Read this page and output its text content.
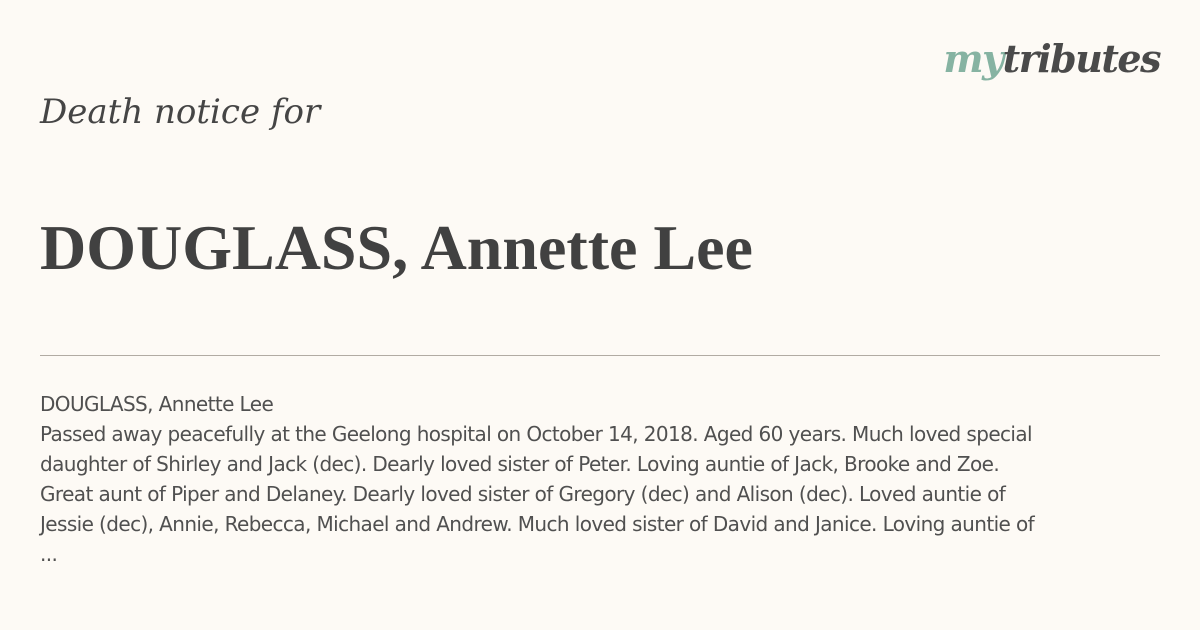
mytributes
Death notice for
DOUGLASS, Annette Lee
DOUGLASS, Annette Lee
Passed away peacefully at the Geelong hospital on October 14, 2018. Aged 60 years. Much loved special
daughter of Shirley and Jack (dec). Dearly loved sister of Peter. Loving auntie of Jack, Brooke and Zoe.
Great aunt of Piper and Delaney. Dearly loved sister of Gregory (dec) and Alison (dec). Loved auntie of
Jessie (dec), Annie, Rebecca, Michael and Andrew. Much loved sister of David and Janice. Loving auntie of
...
